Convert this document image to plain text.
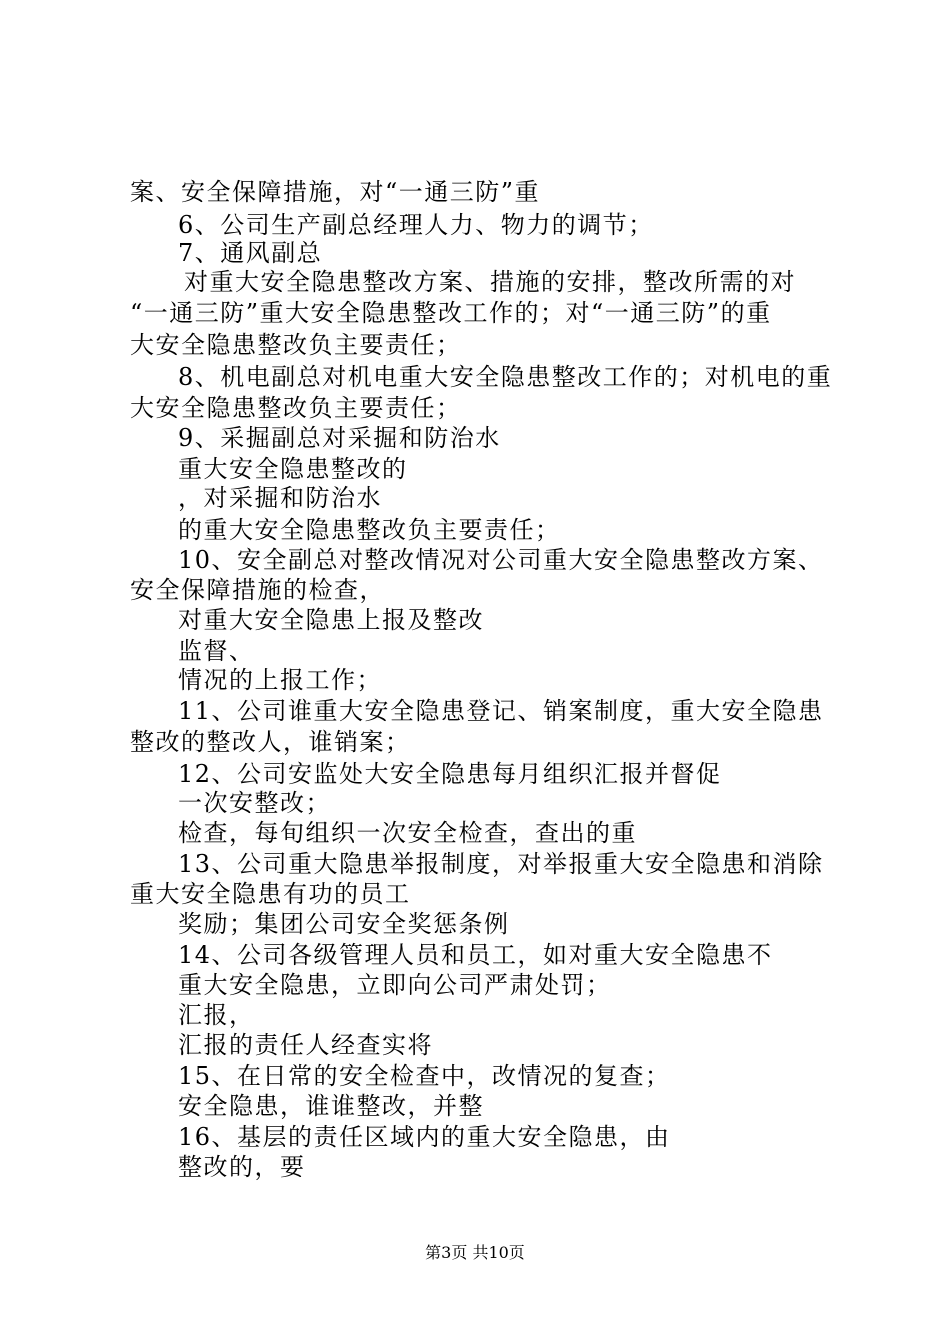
案、安全保障措施，对“一通三防”重
6、公司生产副总经理人力、物力的调节；
7、通风副总
对重大安全隐患整改方案、措施的安排，整改所需的对
“一通三防”重大安全隐患整改工作的；对“一通三防”的重
大安全隐患整改负主要责任；
8、机电副总对机电重大安全隐患整改工作的；对机电的重
大安全隐患整改负主要责任；
9、采掘副总对采掘和防治水
重大安全隐患整改的
，对采掘和防治水
的重大安全隐患整改负主要责任；
10、安全副总对整改情况对公司重大安全隐患整改方案、
安全保障措施的检查，
对重大安全隐患上报及整改
监督、
情况的上报工作；
11、公司谁重大安全隐患登记、销案制度，重大安全隐患
整改的整改人，谁销案；
12、公司安监处大安全隐患每月组织汇报并督促
一次安整改；
检查，每旬组织一次安全检查，查出的重
13、公司重大隐患举报制度，对举报重大安全隐患和消除
重大安全隐患有功的员工
奖励；集团公司安全奖惩条例
14、公司各级管理人员和员工，如对重大安全隐患不
重大安全隐患，立即向公司严肃处罚；
汇报，
汇报的责任人经查实将
15、在日常的安全检查中，改情况的复查；
安全隐患，谁谁整改，并整
16、基层的责任区域内的重大安全隐患，由
整改的，要
第3页 共10页
